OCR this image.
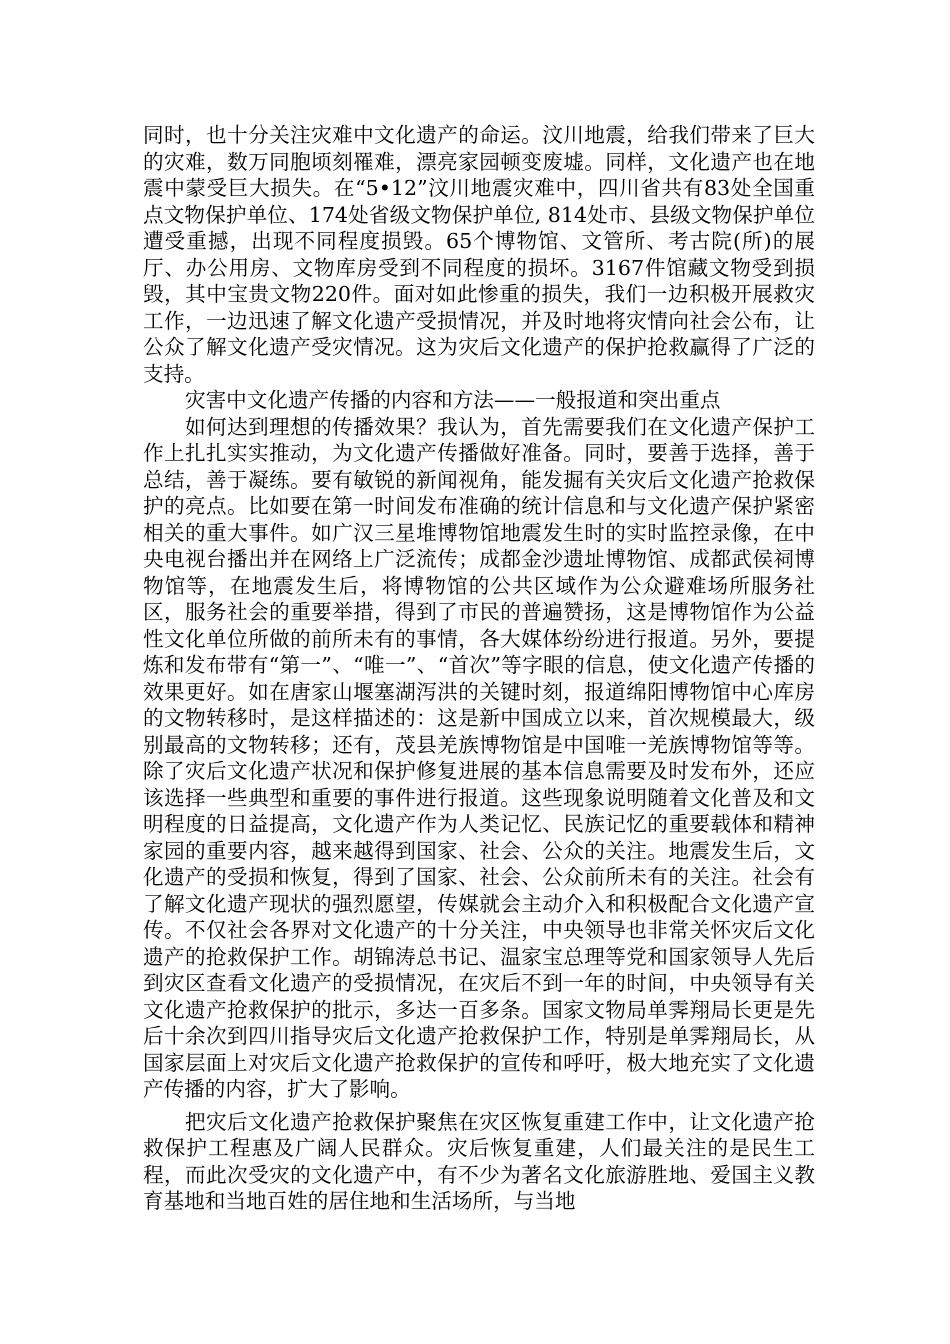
同时，也十分关注灾难中文化遗产的命运。汶川地震，给我们带来了巨大的灾难，数万同胞顷刻罹难，漂亮家园顿变废墟。同样，文化遗产也在地震中蒙受巨大损失。在“5•12”汶川地震灾难中，四川省共有83处全国重点文物保护单位、174处省级文物保护单位, 814处市、县级文物保护单位遭受重撼，出现不同程度损毁。65个博物馆、文管所、考古院(所)的展厅、办公用房、文物库房受到不同程度的损坏。3167件馆藏文物受到损毁，其中宝贵文物220件。面对如此惨重的损失，我们一边积极开展救灾工作，一边迅速了解文化遗产受损情况，并及时地将灾情向社会公布，让公众了解文化遗产受灾情况。这为灾后文化遗产的保护抢救赢得了广泛的支持。

灾害中文化遗产传播的内容和方法——一般报道和突出重点

如何达到理想的传播效果？我认为，首先需要我们在文化遗产保护工作上扎扎实实推动，为文化遗产传播做好准备。同时，要善于选择，善于总结，善于凝练。要有敏锐的新闻视角，能发掘有关灾后文化遗产抢救保护的亮点。比如要在第一时间发布准确的统计信息和与文化遗产保护紧密相关的重大事件。如广汉三星堆博物馆地震发生时的实时监控录像，在中央电视台播出并在网络上广泛流传；成都金沙遗址博物馆、成都武侯祠博物馆等，在地震发生后，将博物馆的公共区域作为公众避难场所服务社区，服务社会的重要举措，得到了市民的普遍赞扬，这是博物馆作为公益性文化单位所做的前所未有的事情，各大媒体纷纷进行报道。另外，要提炼和发布带有“第一”、“唯一”、“首次”等字眼的信息，使文化遗产传播的效果更好。如在唐家山堰塞湖泻洪的关键时刻，报道绵阳博物馆中心库房的文物转移时，是这样描述的：这是新中国成立以来，首次规模最大，级别最高的文物转移；还有，茂县羌族博物馆是中国唯一羌族博物馆等等。除了灾后文化遗产状况和保护修复进展的基本信息需要及时发布外，还应该选择一些典型和重要的事件进行报道。这些现象说明随着文化普及和文明程度的日益提高，文化遗产作为人类记忆、民族记忆的重要载体和精神家园的重要内容，越来越得到国家、社会、公众的关注。地震发生后，文化遗产的受损和恢复，得到了国家、社会、公众前所未有的关注。社会有了解文化遗产现状的强烈愿望，传媒就会主动介入和积极配合文化遗产宣传。不仅社会各界对文化遗产的十分关注，中央领导也非常关怀灾后文化遗产的抢救保护工作。胡锦涛总书记、温家宝总理等党和国家领导人先后到灾区查看文化遗产的受损情况，在灾后不到一年的时间，中央领导有关文化遗产抢救保护的批示，多达一百多条。国家文物局单霁翔局长更是先后十余次到四川指导灾后文化遗产抢救保护工作，特别是单霁翔局长，从国家层面上对灾后文化遗产抢救保护的宣传和呼吁，极大地充实了文化遗产传播的内容，扩大了影响。

把灾后文化遗产抢救保护聚焦在灾区恢复重建工作中，让文化遗产抢救保护工程惠及广阔人民群众。灾后恢复重建，人们最关注的是民生工程，而此次受灾的文化遗产中，有不少为著名文化旅游胜地、爱国主义教育基地和当地百姓的居住地和生活场所，与当地
